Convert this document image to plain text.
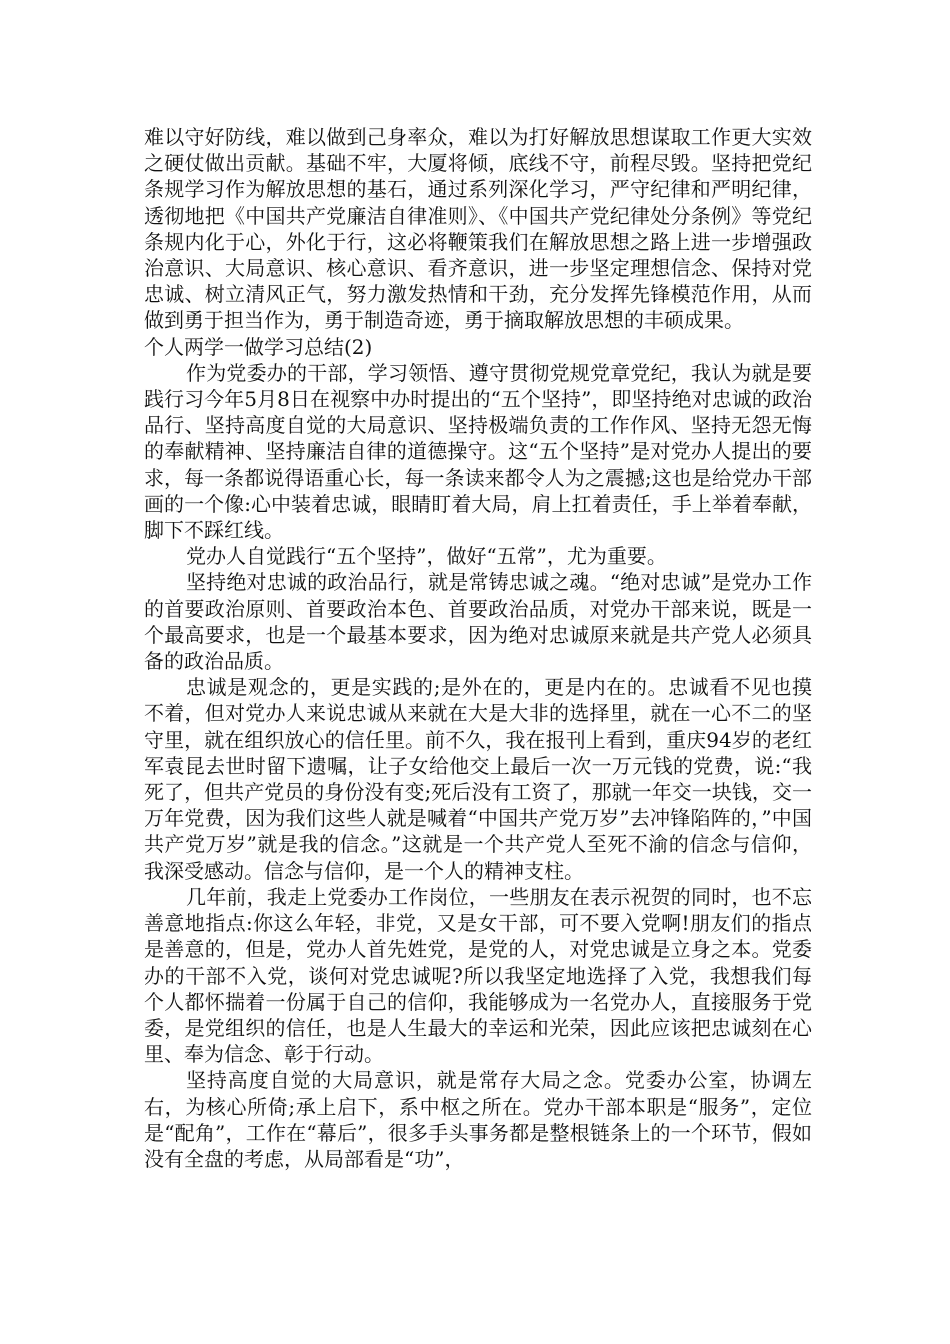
难以守好防线，难以做到己身率众，难以为打好解放思想谋取工作更大实效之硬仗做出贡献。基础不牢，大厦将倾，底线不守，前程尽毁。坚持把党纪条规学习作为解放思想的基石，通过系列深化学习，严守纪律和严明纪律，透彻地把《中国共产党廉洁自律准则》、《中国共产党纪律处分条例》等党纪条规内化于心，外化于行，这必将鞭策我们在解放思想之路上进一步增强政治意识、大局意识、核心意识、看齐意识，进一步坚定理想信念、保持对党忠诚、树立清风正气，努力激发热情和干劲，充分发挥先锋模范作用，从而做到勇于担当作为，勇于制造奇迹，勇于摘取解放思想的丰硕成果。

个人两学一做学习总结(2)

作为党委办的干部，学习领悟、遵守贯彻党规党章党纪，我认为就是要践行习今年5月8日在视察中办时提出的“五个坚持”，即坚持绝对忠诚的政治品行、坚持高度自觉的大局意识、坚持极端负责的工作作风、坚持无怨无悔的奉献精神、坚持廉洁自律的道德操守。这“五个坚持”是对党办人提出的要求，每一条都说得语重心长，每一条读来都令人为之震撼;这也是给党办干部画的一个像:心中装着忠诚，眼睛盯着大局，肩上扛着责任，手上举着奉献，脚下不踩红线。

党办人自觉践行“五个坚持”，做好“五常”，尤为重要。

坚持绝对忠诚的政治品行，就是常铸忠诚之魂。“绝对忠诚”是党办工作的首要政治原则、首要政治本色、首要政治品质，对党办干部来说，既是一个最高要求，也是一个最基本要求，因为绝对忠诚原来就是共产党人必须具备的政治品质。

忠诚是观念的，更是实践的;是外在的，更是内在的。忠诚看不见也摸不着，但对党办人来说忠诚从来就在大是大非的选择里，就在一心不二的坚守里，就在组织放心的信任里。前不久，我在报刊上看到，重庆94岁的老红军袁昆去世时留下遗嘱，让子女给他交上最后一次一万元钱的党费，说:“我死了，但共产党员的身份没有变;死后没有工资了，那就一年交一块钱，交一万年党费，因为我们这些人就是喊着“中国共产党万岁”去冲锋陷阵的，”中国共产党万岁”就是我的信念。”这就是一个共产党人至死不渝的信念与信仰，我深受感动。信念与信仰，是一个人的精神支柱。

几年前，我走上党委办工作岗位，一些朋友在表示祝贺的同时，也不忘善意地指点:你这么年轻，非党，又是女干部，可不要入党啊!朋友们的指点是善意的，但是，党办人首先姓党，是党的人，对党忠诚是立身之本。党委办的干部不入党，谈何对党忠诚呢?所以我坚定地选择了入党，我想我们每个人都怀揣着一份属于自己的信仰，我能够成为一名党办人，直接服务于党委，是党组织的信任，也是人生最大的幸运和光荣，因此应该把忠诚刻在心里、奉为信念、彰于行动。

坚持高度自觉的大局意识，就是常存大局之念。党委办公室，协调左右，为核心所倚;承上启下，系中枢之所在。党办干部本职是“服务”，定位是“配角”，工作在“幕后”，很多手头事务都是整根链条上的一个环节，假如没有全盘的考虑，从局部看是“功”，
